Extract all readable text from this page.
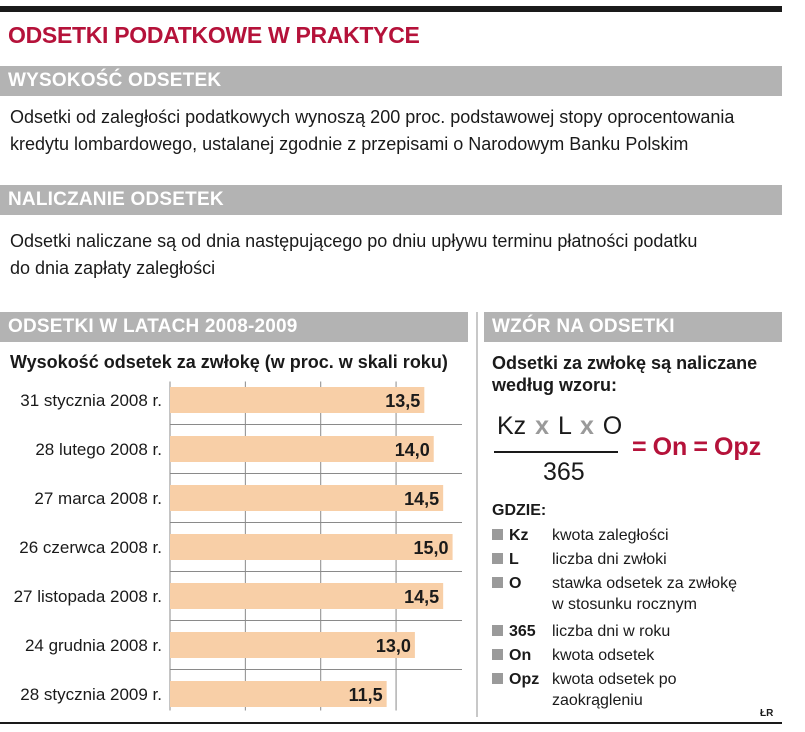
ODSETKI PODATKOWE W PRAKTYCE
WYSOKOŚĆ ODSETEK

Odsetki od zaległości podatkowych wynoszą 200 proc. podstawowej stopy oprocentowania
kredytu lombardowego, ustalanej zgodnie z przepisami o Narodowym Banku Polskim

NALICZANIE ODSETEK

Odsetki naliczane są od dnia następującego po dniu upływu terminu płatności podatku
do dnia zapłaty zaległości

ODSETKI W LATACH 2008-2009	WZÓR NA ODSETKI
Wysokość odsetek za zwłokę (w proc. w skali roku)
31 stycznia 2008 r.	13,5
28 lutego 2008 r.	14,0
27 marca 2008 r.	14,5
26 czerwca 2008 r.	15,0
27 listopada 2008 r.	14,5
24 grudnia 2008 r.	13,0
28 stycznia 2009 r.	11,5

Odsetki za zwłokę są naliczane według wzoru:

Kz x L x O
365
= On = Opz
GDZIE:
Kz kwota zaległości
L liczba dni zwłoki
O stawka odsetek za zwłokę w stosunku rocznym
365 liczba dni w roku
On kwota odsetek
Opz kwota odsetek po zaokrągleniu
ŁR
